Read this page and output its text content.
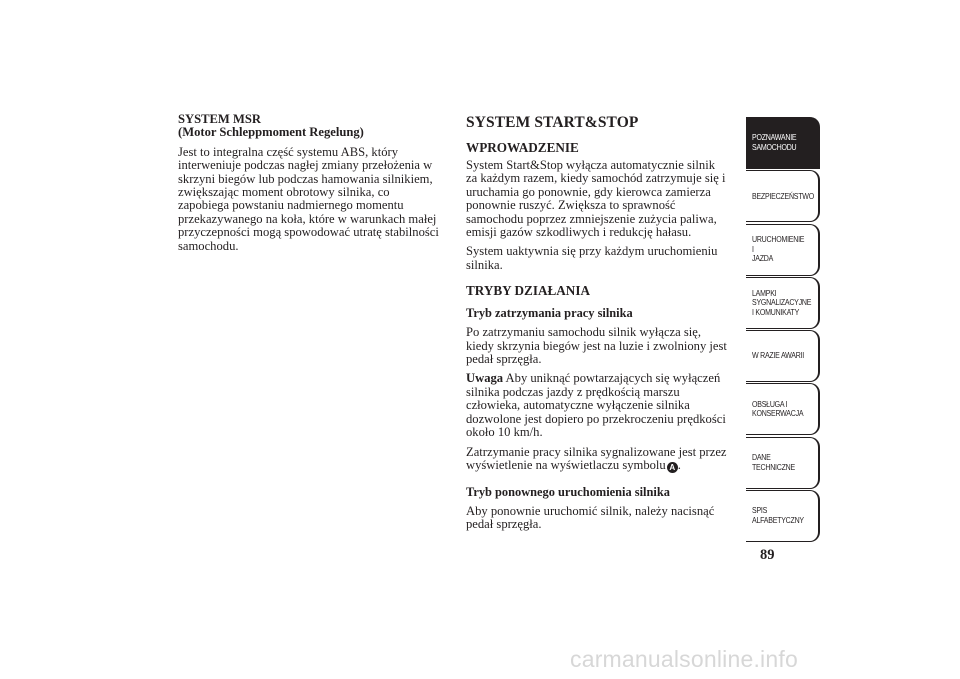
SYSTEM MSR
(Motor Schleppmoment Regelung)

Jest to integralna część systemu ABS, który interweniuje podczas nagłej zmiany przełożenia w skrzyni biegów lub podczas hamowania silnikiem, zwiększając moment obrotowy silnika, co zapobiega powstaniu nadmiernego momentu przekazywanego na koła, które w warunkach małej przyczepności mogą spowodować utratę stabilności samochodu.

SYSTEM START&STOP
WPROWADZENIE

System Start&Stop wyłącza automatycznie silnik za każdym razem, kiedy samochód zatrzymuje się i uruchamia go ponownie, gdy kierowca zamierza ponownie ruszyć. Zwiększa to sprawność samochodu poprzez zmniejszenie zużycia paliwa, emisji gazów szkodliwych i redukcję hałasu.

System uaktywnia się przy każdym uruchomieniu silnika.

TRYBY DZIAŁANIA
Tryb zatrzymania pracy silnika

Po zatrzymaniu samochodu silnik wyłącza się, kiedy skrzynia biegów jest na luzie i zwolniony jest pedał sprzęgła.

Uwaga Aby uniknąć powtarzających się wyłączeń silnika podczas jazdy z prędkością marszu człowieka, automatyczne wyłączenie silnika dozwolone jest dopiero po przekroczeniu prędkości około 10 km/h.

Zatrzymanie pracy silnika sygnalizowane jest przez wyświetlenie na wyświetlaczu symbolu A .

Tryb ponownego uruchomienia silnika

Aby ponownie uruchomić silnik, należy nacisnąć pedał sprzęgła.

POZNAWANIE
SAMOCHODU
BEZPIECZEŃSTWO
URUCHOMIENIE I
JAZDA
LAMPKI
SYGNALIZACYJNE
I KOMUNIKATY
W RAZIE AWARII
OBSŁUGA I
KONSERWACJA
DANE
TECHNICZNE
SPIS
ALFABETYCZNY
89
carmanualsonline.info
